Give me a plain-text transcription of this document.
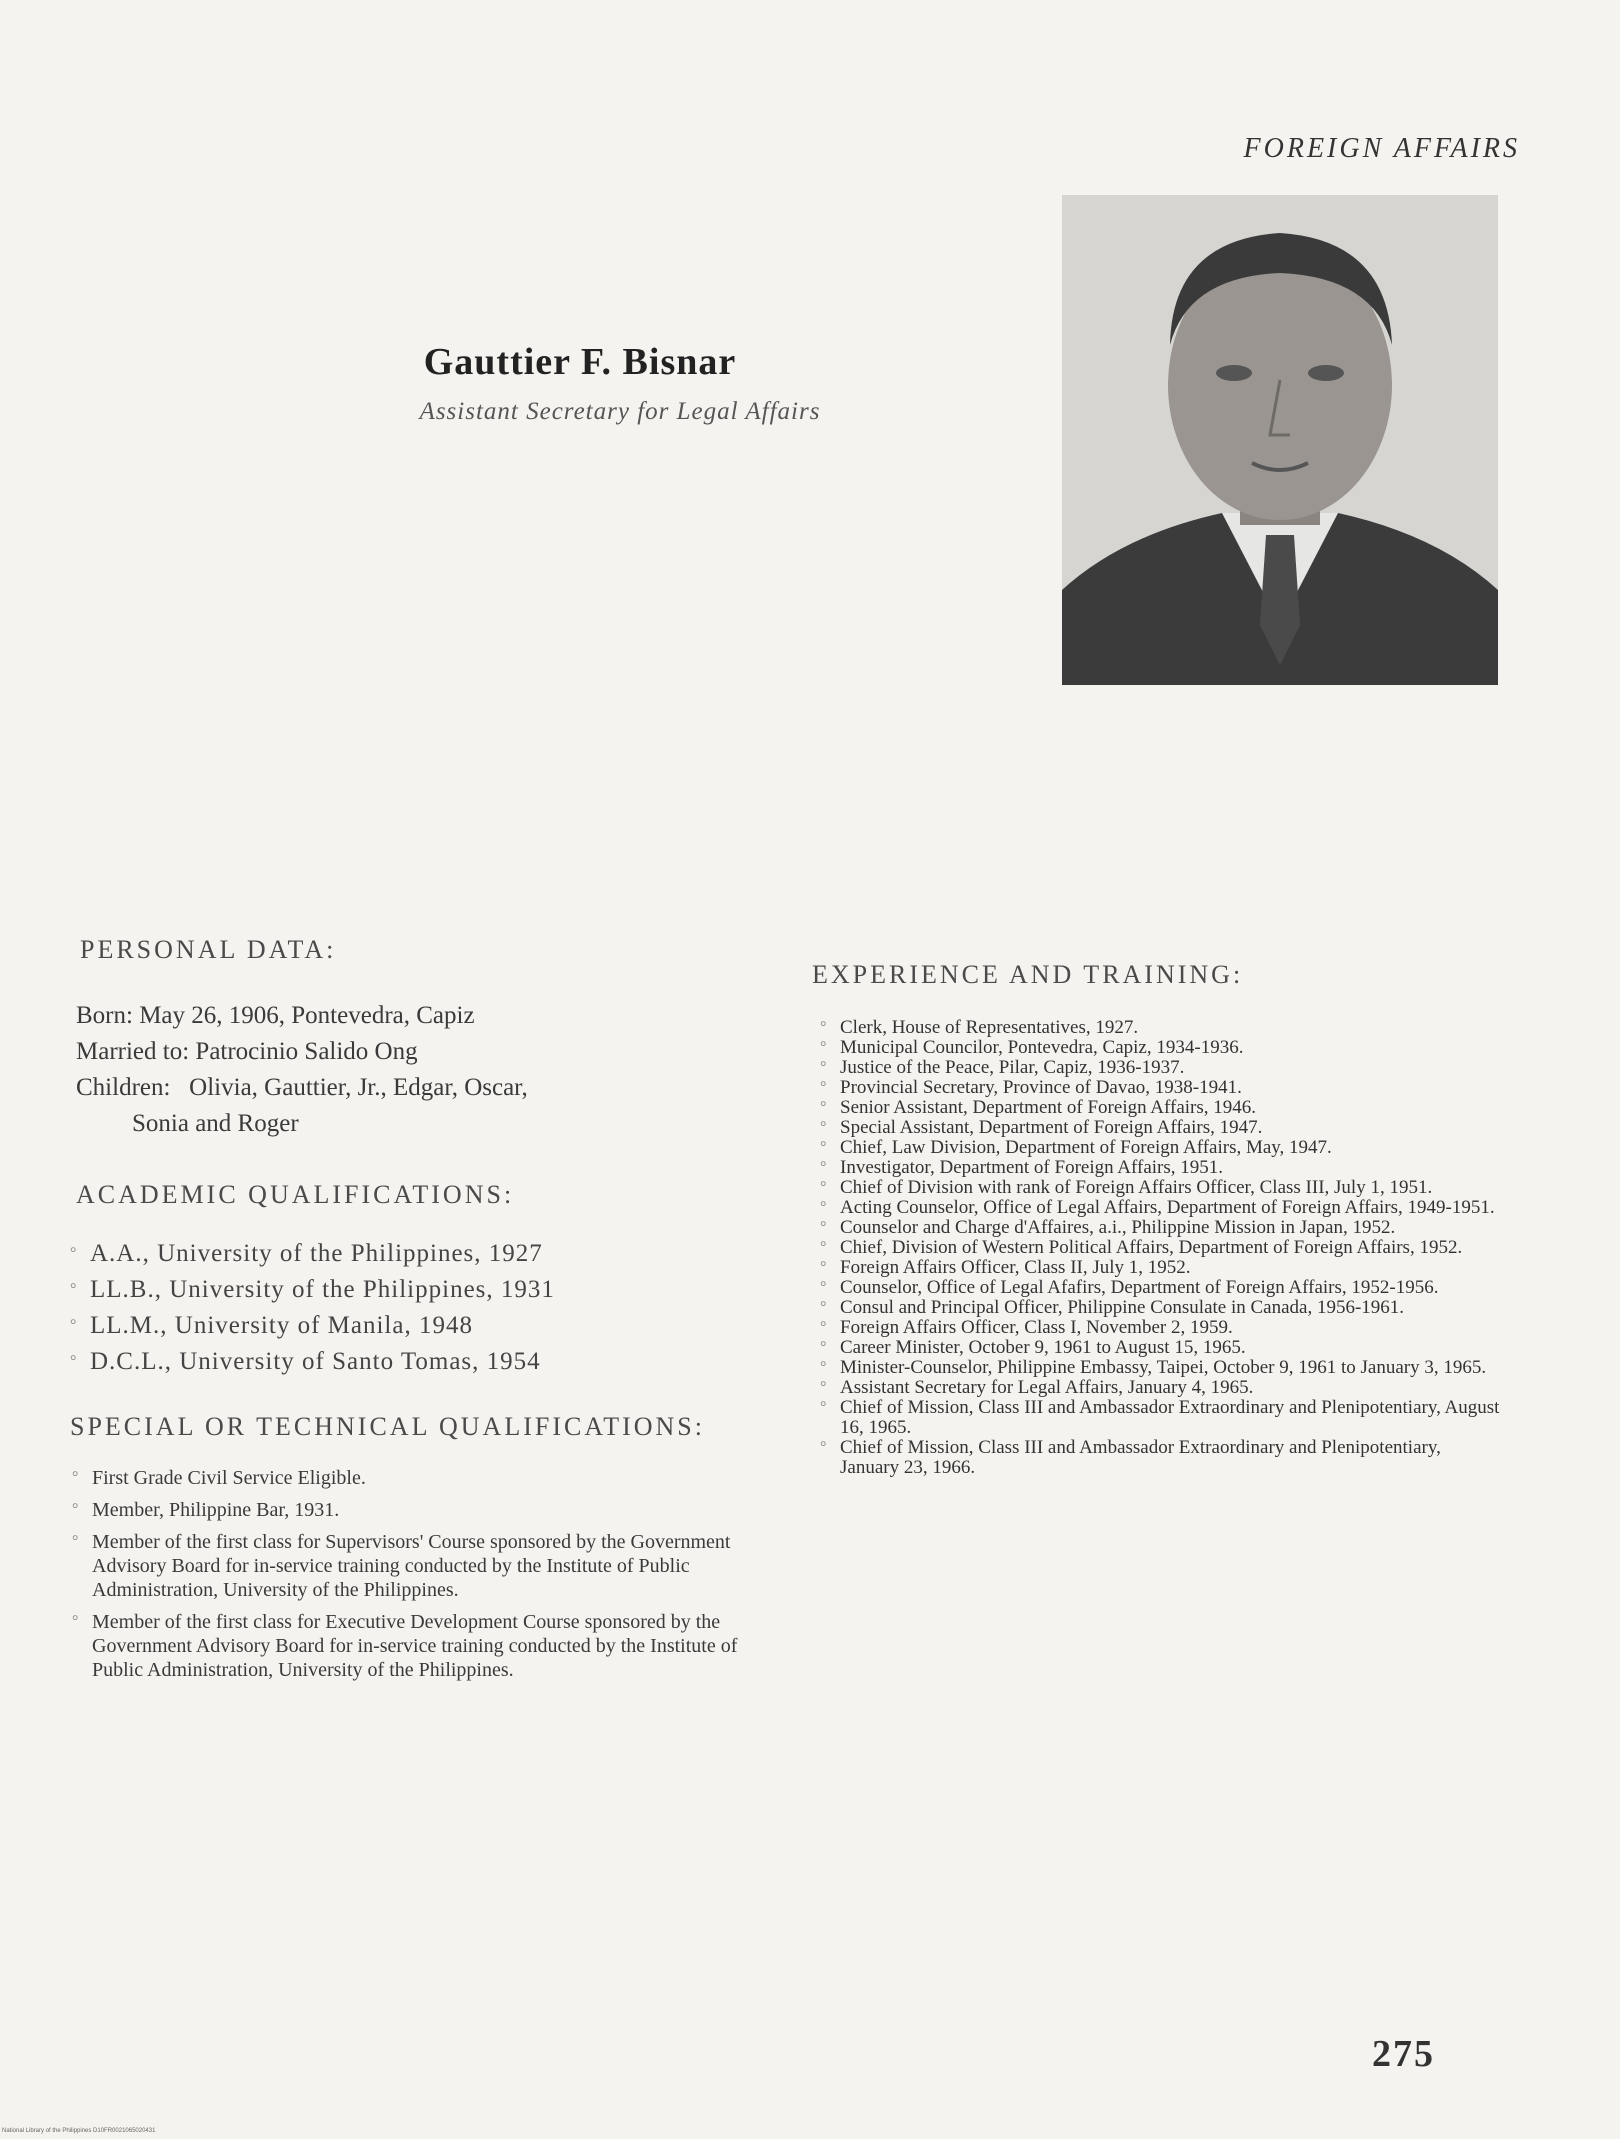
FOREIGN AFFAIRS
Gauttier F. Bisnar
Assistant Secretary for Legal Affairs
PERSONAL DATA:
Born: May 26, 1906, Pontevedra, Capiz
Married to: Patrocinio Salido Ong
Children:   Olivia, Gauttier, Jr., Edgar, Oscar,
Sonia and Roger
ACADEMIC QUALIFICATIONS:
° A.A., University of the Philippines, 1927
° LL.B., University of the Philippines, 1931
° LL.M., University of Manila, 1948
° D.C.L., University of Santo Tomas, 1954
SPECIAL OR TECHNICAL QUALIFICATIONS:
° First Grade Civil Service Eligible.
° Member, Philippine Bar, 1931.
° Member of the first class for Supervisors' Course sponsored by the Government Advisory Board for in-service training conducted by the Institute of Public Administration, University of the Philippines.
° Member of the first class for Executive Development Course sponsored by the Government Advisory Board for in-service training conducted by the Institute of Public Administration, University of the Philippines.
EXPERIENCE AND TRAINING:
° Clerk, House of Representatives, 1927.
° Municipal Councilor, Pontevedra, Capiz, 1934-1936.
° Justice of the Peace, Pilar, Capiz, 1936-1937.
° Provincial Secretary, Province of Davao, 1938-1941.
° Senior Assistant, Department of Foreign Affairs, 1946.
° Special Assistant, Department of Foreign Affairs, 1947.
° Chief, Law Division, Department of Foreign Affairs, May, 1947.
° Investigator, Department of Foreign Affairs, 1951.
° Chief of Division with rank of Foreign Affairs Officer, Class III, July 1, 1951.
° Acting Counselor, Office of Legal Affairs, Department of Foreign Affairs, 1949-1951.
° Counselor and Charge d'Affaires, a.i., Philippine Mission in Japan, 1952.
° Chief, Division of Western Political Affairs, Department of Foreign Affairs, 1952.
° Foreign Affairs Officer, Class II, July 1, 1952.
° Counselor, Office of Legal Afafirs, Department of Foreign Affairs, 1952-1956.
° Consul and Principal Officer, Philippine Consulate in Canada, 1956-1961.
° Foreign Affairs Officer, Class I, November 2, 1959.
° Career Minister, October 9, 1961 to August 15, 1965.
° Minister-Counselor, Philippine Embassy, Taipei, October 9, 1961 to January 3, 1965.
° Assistant Secretary for Legal Affairs, January 4, 1965.
° Chief of Mission, Class III and Ambassador Extraordinary and Plenipotentiary, August 16, 1965.
° Chief of Mission, Class III and Ambassador Extraordinary and Plenipotentiary, January 23, 1966.
275
National Library of the Philippines D10FR0021065020431
